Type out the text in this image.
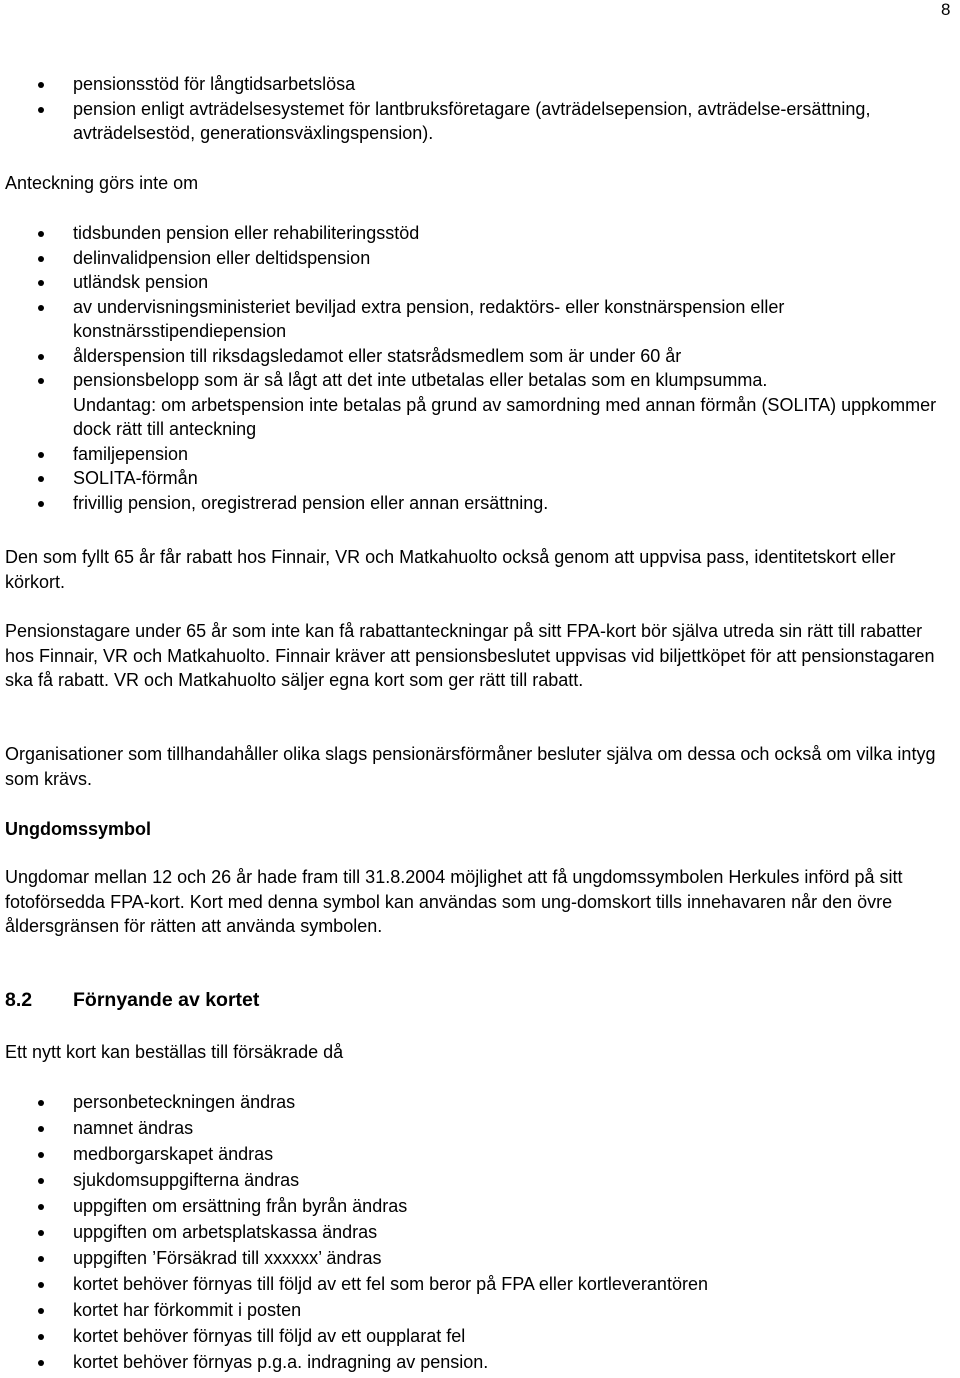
8
pensionsstöd för långtidsarbetslösa
pension enligt avträdelsesystemet för lantbruksföretagare (avträdelsepension, avträdelse-ersättning, avträdelsestöd, generationsväxlingspension).
Anteckning görs inte om
tidsbunden pension eller rehabiliteringsstöd
delinvalidpension eller deltidspension
utländsk pension
av undervisningsministeriet beviljad extra pension, redaktörs- eller konstnärspension eller konstnärsstipendiepension
ålderspension till riksdagsledamot eller statsrådsmedlem som är under 60 år
pensionsbelopp som är så lågt att det inte utbetalas eller betalas som en klumpsumma.
Undantag: om arbetspension inte betalas på grund av samordning med annan förmån (SOLITA) uppkommer dock rätt till anteckning
familjepension
SOLITA-förmån
frivillig pension, oregistrerad pension eller annan ersättning.
Den som fyllt 65 år får rabatt hos Finnair, VR och Matkahuolto också genom att uppvisa pass, identitetskort eller körkort.
Pensionstagare under 65 år som inte kan få rabattanteckningar på sitt FPA-kort bör själva utreda sin rätt till rabatter hos Finnair, VR och Matkahuolto. Finnair kräver att pensionsbeslutet uppvisas vid biljettköpet för att pensionstagaren ska få rabatt. VR och Matkahuolto säljer egna kort som ger rätt till rabatt.
Organisationer som tillhandahåller olika slags pensionärsförmåner besluter själva om dessa och också om vilka intyg som krävs.
Ungdomssymbol
Ungdomar mellan 12 och 26 år hade fram till 31.8.2004 möjlighet att få ungdomssymbolen Herkules införd på sitt fotoförsedda FPA-kort. Kort med denna symbol kan användas som ung-domskort tills innehavaren når den övre åldersgränsen för rätten att använda symbolen.
8.2 Förnyande av kortet
Ett nytt kort kan beställas till försäkrade då
personbeteckningen ändras
namnet ändras
medborgarskapet ändras
sjukdomsuppgifterna ändras
uppgiften om ersättning från byrån ändras
uppgiften om arbetsplatskassa ändras
uppgiften ’Försäkrad till xxxxxx’ ändras
kortet behöver förnyas till följd av ett fel som beror på FPA eller kortleverantören
kortet har förkommit i posten
kortet behöver förnyas till följd av ett oupplarat fel
kortet behöver förnyas p.g.a. indragning av pension.
